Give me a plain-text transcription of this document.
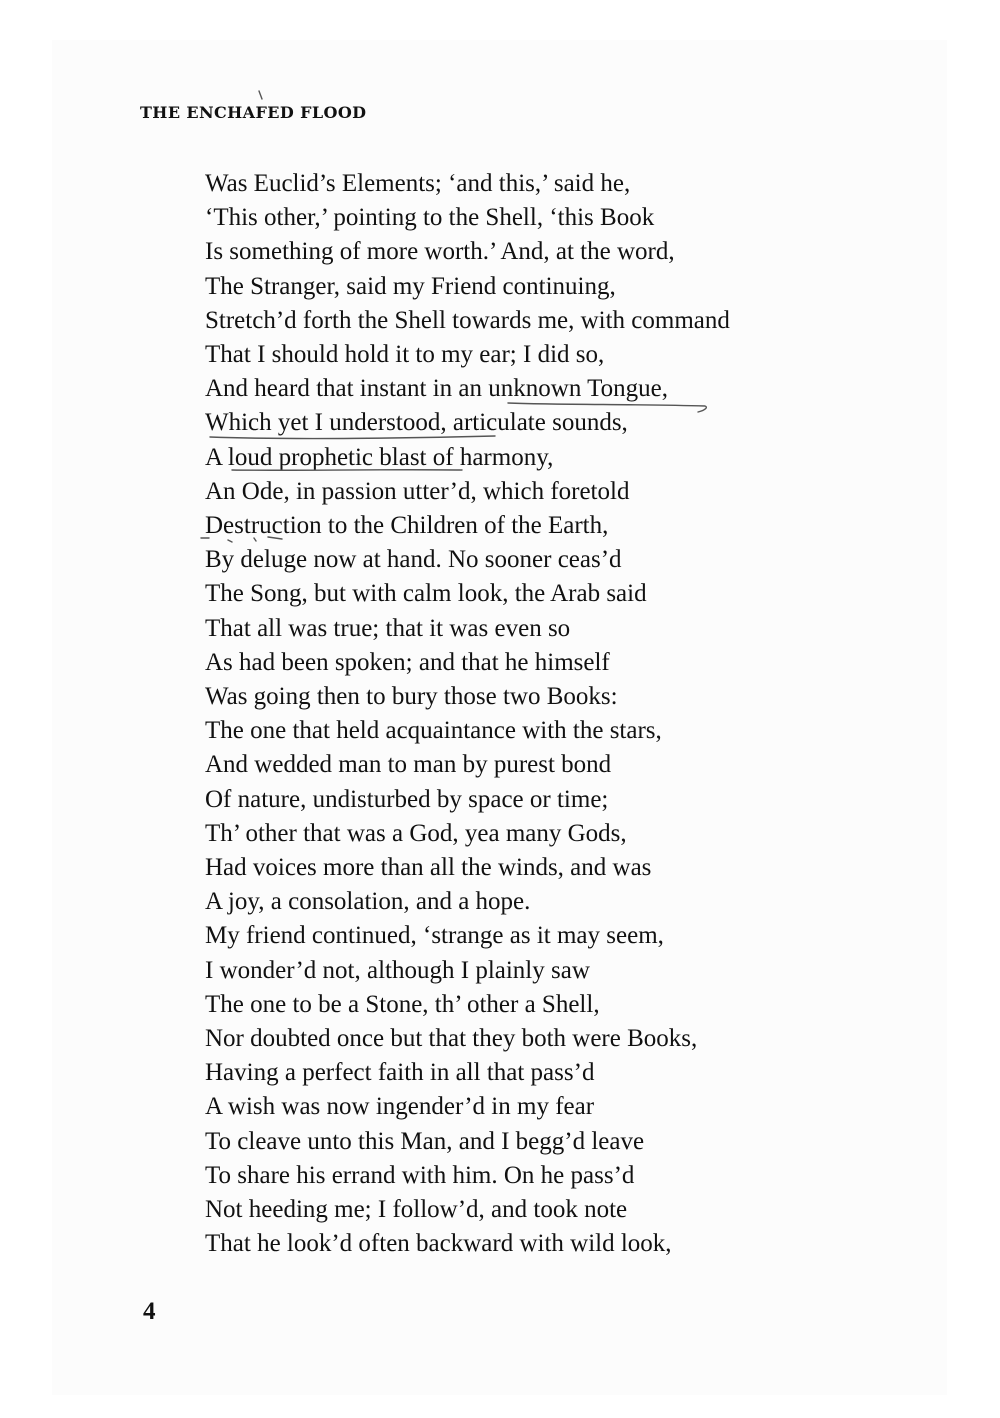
THE ENCHAFED FLOOD
Was Euclid’s Elements; ‘and this,’ said he,
‘This other,’ pointing to the Shell, ‘this Book
Is something of more worth.’ And, at the word,
The Stranger, said my Friend continuing,
Stretch’d forth the Shell towards me, with command
That I should hold it to my ear; I did so,
And heard that instant in an unknown Tongue,
Which yet I understood, articulate sounds,
A loud prophetic blast of harmony,
An Ode, in passion utter’d, which foretold
Destruction to the Children of the Earth,
By deluge now at hand. No sooner ceas’d
The Song, but with calm look, the Arab said
That all was true; that it was even so
As had been spoken; and that he himself
Was going then to bury those two Books:
The one that held acquaintance with the stars,
And wedded man to man by purest bond
Of nature, undisturbed by space or time;
Th’ other that was a God, yea many Gods,
Had voices more than all the winds, and was
A joy, a consolation, and a hope.
My friend continued, ‘strange as it may seem,
I wonder’d not, although I plainly saw
The one to be a Stone, th’ other a Shell,
Nor doubted once but that they both were Books,
Having a perfect faith in all that pass’d
A wish was now ingender’d in my fear
To cleave unto this Man, and I begg’d leave
To share his errand with him. On he pass’d
Not heeding me; I follow’d, and took note
That he look’d often backward with wild look,
4
